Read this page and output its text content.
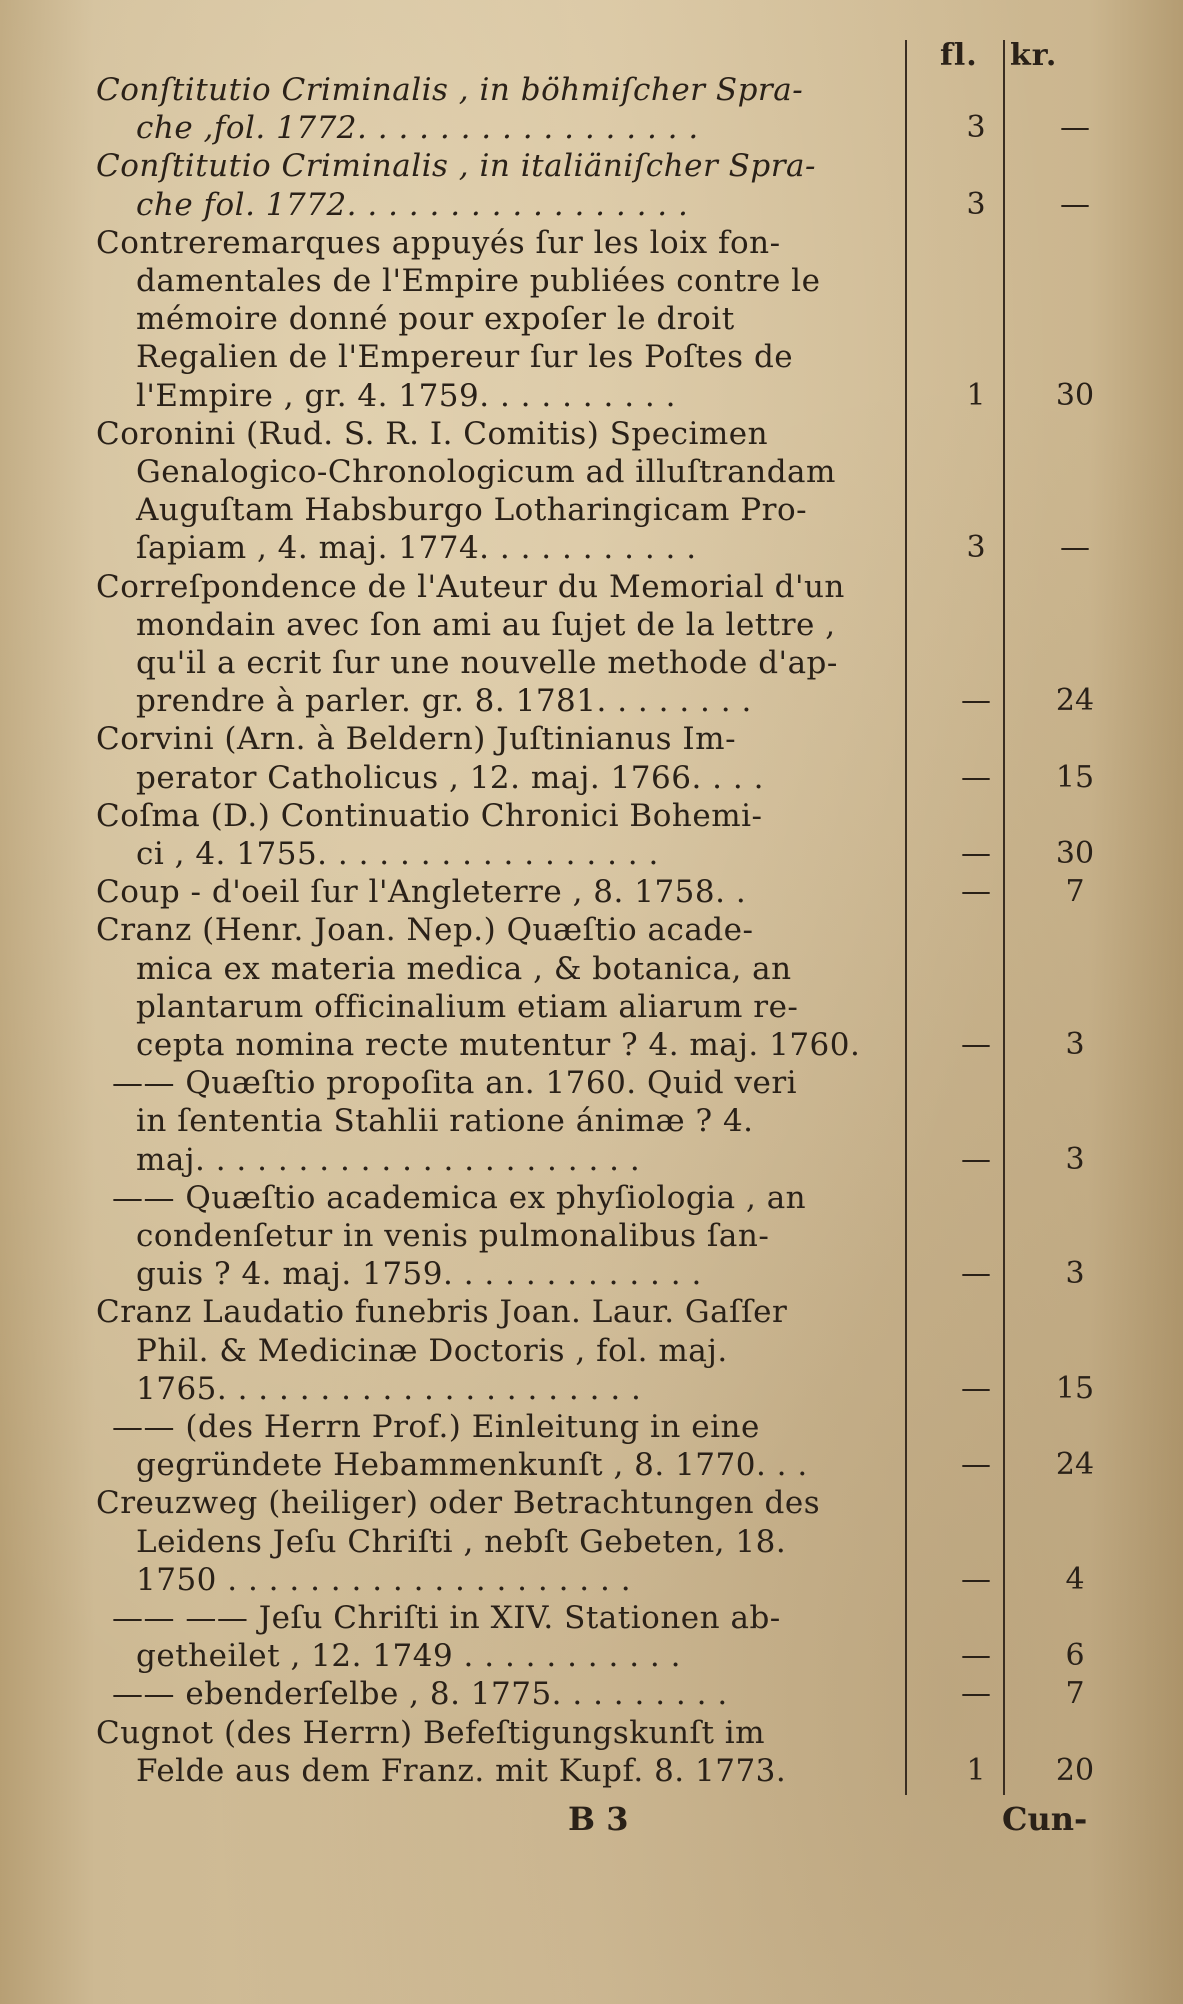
fl. kr.
Conſtitutio Criminalis , in böhmiſcher Spra-
che ,fol. 1772. . . . . . . . . . . . . . . . .	3	—
Conſtitutio Criminalis , in italiäniſcher Spra-
che fol. 1772. . . . . . . . . . . . . . . . .	3	—
Contreremarques appuyés ſur les loix fon-
damentales de l'Empire publiées contre le
mémoire donné pour expoſer le droit
Regalien de l'Empereur ſur les Poſtes de
l'Empire , gr. 4. 1759. . . . . . . . . .	1	30
Coronini (Rud. S. R. I. Comitis) Specimen
Genalogico-Chronologicum ad illuſtrandam
Auguſtam Habsburgo Lotharingicam Pro-
ſapiam , 4. maj. 1774. . . . . . . . . . .	3	—
Correſpondence de l'Auteur du Memorial d'un
mondain avec ſon ami au ſujet de la lettre ,
qu'il a ecrit ſur une nouvelle methode d'ap-
prendre à parler. gr. 8. 1781. . . . . . . .	—	24
Corvini (Arn. à Beldern) Juſtinianus Im-
perator Catholicus , 12. maj. 1766. . . .	—	15
Coſma (D.) Continuatio Chronici Bohemi-
ci , 4. 1755. . . . . . . . . . . . . . . . .	—	30
Coup - d'oeil ſur l'Angleterre , 8. 1758. .	—	7
Cranz (Henr. Joan. Nep.) Quæſtio acade-
mica ex materia medica , & botanica, an
plantarum officinalium etiam aliarum re-
cepta nomina recte mutentur ? 4. maj. 1760.	—	3
—— Quæſtio propoſita an. 1760. Quid veri
in ſententia Stahlii ratione ánimæ ? 4.
maj. . . . . . . . . . . . . . . . . . . . . .	—	3
—— Quæſtio academica ex phyſiologia , an
condenſetur in venis pulmonalibus ſan-
guis ? 4. maj. 1759. . . . . . . . . . . . .	—	3
Cranz Laudatio funebris Joan. Laur. Gaſſer
Phil. & Medicinæ Doctoris , fol. maj.
1765. . . . . . . . . . . . . . . . . . . . .	—	15
—— (des Herrn Prof.) Einleitung in eine
gegründete Hebammenkunſt , 8. 1770. . .	—	24
Creuzweg (heiliger) oder Betrachtungen des
Leidens Jeſu Chriſti , nebſt Gebeten, 18.
1750 . . . . . . . . . . . . . . . . . . . .	—	4
—— —— Jeſu Chriſti in XIV. Stationen ab-
getheilet , 12. 1749 . . . . . . . . . . .	—	6
—— ebenderſelbe , 8. 1775. . . . . . . . .	—	7
Cugnot (des Herrn) Befeſtigungskunſt im
Felde aus dem Franz. mit Kupf. 8. 1773.	1	20
B 3	Cun-
